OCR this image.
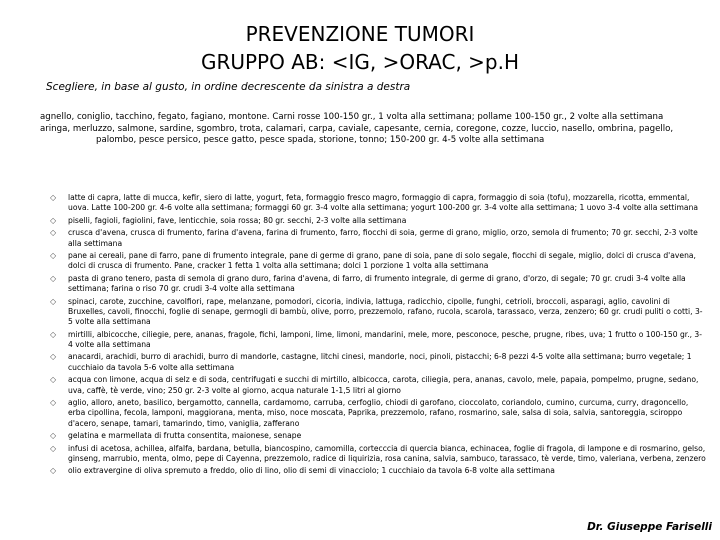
PREVENZIONE TUMORI
GRUPPO AB: <IG, >ORAC, >p.H
Scegliere, in base al gusto, in ordine decrescente da sinistra a destra

agnello, coniglio, tacchino, fegato, fagiano, montone. Carni rosse 100-150 gr., 1 volta alla settimana; pollame 100-150 gr., 2 volte alla settimana

aringa, merluzzo, salmone, sardine, sgombro, trota, calamari, carpa, caviale, capesante, cernia, coregone, cozze, luccio, nasello, ombrina, pagello, palombo, pesce persico, pesce gatto, pesce spada, storione, tonno; 150-200 gr. 4-5 volte alla settimana

◇ latte di capra, latte di mucca, kefir, siero di latte, yogurt, feta, formaggio fresco magro, formaggio di capra, formaggio di soia (tofu), mozzarella, ricotta, emmental, uova. Latte 100-200 gr. 4-6 volte alla settimana; formaggi 60 gr. 3-4 volte alla settimana; yogurt 100-200 gr. 3-4 volte alla settimana; 1 uovo 3-4 volte alla settimana
◇ piselli, fagioli, fagiolini, fave, lenticchie, soia rossa; 80 gr. secchi, 2-3 volte alla settimana
◇ crusca d'avena, crusca di frumento, farina d'avena, farina di frumento, farro, fiocchi di soia, germe di grano, miglio, orzo, semola di frumento; 70 gr. secchi, 2-3 volte alla settimana
◇ pane ai cereali, pane di farro, pane di frumento integrale, pane di germe di grano, pane di soia, pane di solo segale, fiocchi di segale, miglio, dolci di crusca d'avena, dolci di crusca di frumento. Pane, cracker 1 fetta 1 volta alla settimana; dolci 1 porzione 1 volta alla settimana
◇ pasta di grano tenero, pasta di semola di grano duro, farina d'avena, di farro, di frumento integrale, di germe di grano, d'orzo, di segale; 70 gr. crudi 3-4 volte alla settimana; farina o riso 70 gr. crudi 3-4 volte alla settimana
◇ spinaci, carote, zucchine, cavolfiori, rape, melanzane, pomodori, cicoria, indivia, lattuga, radicchio, cipolle, funghi, cetrioli, broccoli, asparagi, aglio, cavolini di Bruxelles, cavoli, finocchi, foglie di senape, germogli di bambù, olive, porro, prezzemolo, rafano, rucola, scarola, tarassaco, verza, zenzero; 60 gr. crudi puliti o cotti, 3-5 volte alla settimana
◇ mirtilli, albicocche, ciliegie, pere, ananas, fragole, fichi, lamponi, lime, limoni, mandarini, mele, more, pesconoce, pesche, prugne, ribes, uva; 1 frutto o 100-150 gr., 3-4 volte alla settimana
◇ anacardi, arachidi, burro di arachidi, burro di mandorle, castagne, litchi cinesi, mandorle, noci, pinoli, pistacchi; 6-8 pezzi 4-5 volte alla settimana; burro vegetale; 1 cucchiaio da tavola 5-6 volte alla settimana
◇ acqua con limone, acqua di selz e di soda, centrifugati e succhi di mirtillo, albicocca, carota, ciliegia, pera, ananas, cavolo, mele, papaia, pompelmo, prugne, sedano, uva, caffè, tè verde, vino; 250 gr. 2-3 volte al giorno, acqua naturale 1-1,5 litri al giorno
◇ aglio, alloro, aneto, basilico, bergamotto, cannella, cardamomo, carruba, cerfoglio, chiodi di garofano, cioccolato, coriandolo, cumino, curcuma, curry, dragoncello, erba cipollina, fecola, lamponi, maggiorana, menta, miso, noce moscata, Paprika, prezzemolo, rafano, rosmarino, sale, salsa di soia, salvia, santoreggia, sciroppo d'acero, senape, tamari, tamarindo, timo, vaniglia, zafferano
◇ gelatina e marmellata di frutta consentita, maionese, senape
◇ infusi di acetosa, achillea, alfalfa, bardana, betulla, biancospino, camomilla, cortecccia di quercia bianca, echinacea, foglie di fragola, di lampone e di rosmarino, gelso, ginseng, marrubio, menta, olmo, pepe di Cayenna, prezzemolo, radice di liquirizia, rosa canina, salvia, sambuco, tarassaco, tè verde, timo, valeriana, verbena, zenzero
◇ olio extravergine di oliva spremuto a freddo, olio di lino, olio di semi di vinacciolo; 1 cucchiaio da tavola 6-8 volte alla settimana
Dr. Giuseppe Fariselli
